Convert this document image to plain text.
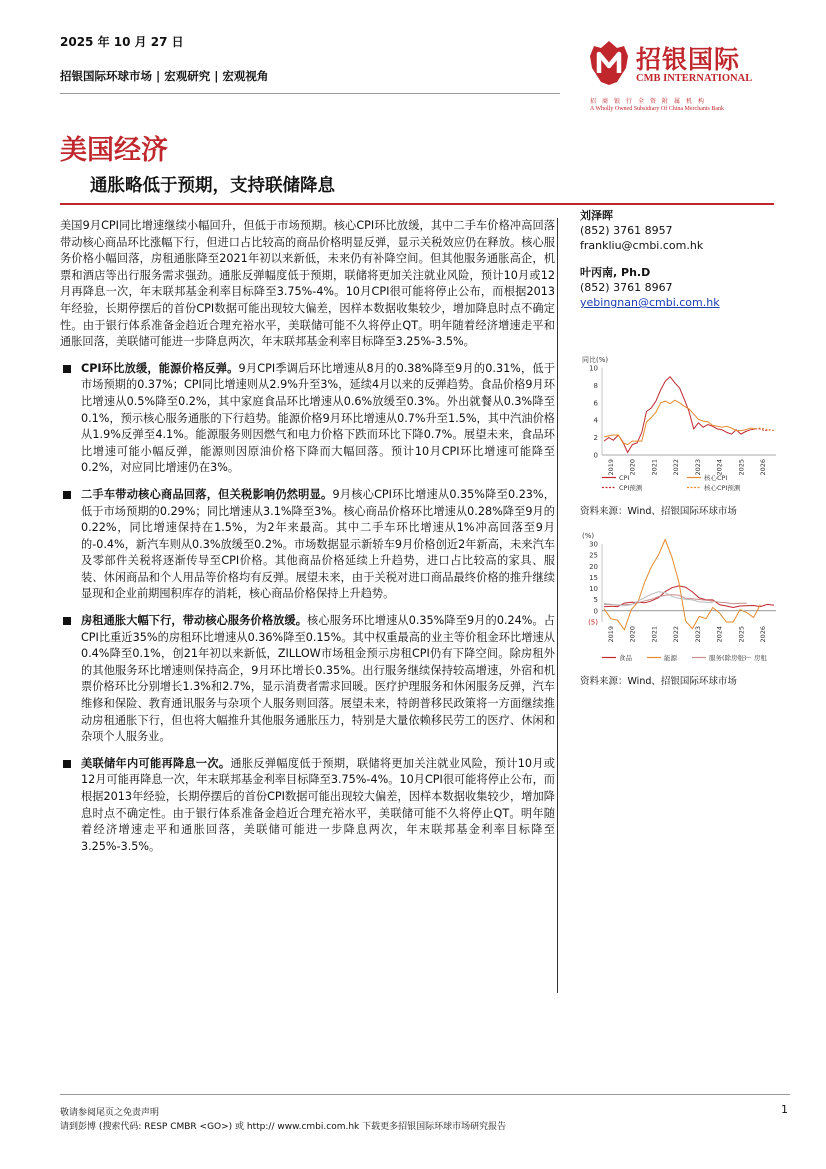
2025 年 10 月 27 日
招银国际环球市场 | 宏观研究 | 宏观视角
招银国际
CMB INTERNATIONAL
招商银行全资附属机构
A Wholly Owned Subsidiary Of China Merchants Bank
美国经济
通胀略低于预期，支持联储降息

美国9月CPI同比增速继续小幅回升，但低于市场预期。核心CPI环比放缓，其中二手车价格冲高回落带动核心商品环比涨幅下行，但进口占比较高的商品价格明显反弹，显示关税效应仍在释放。核心服务价格小幅回落，房租通胀降至2021年初以来新低，未来仍有补降空间。但其他服务通胀高企，机票和酒店等出行服务需求强劲。通胀反弹幅度低于预期，联储将更加关注就业风险，预计10月或12月再降息一次，年末联邦基金利率目标降至3.75%-4%。10月CPI很可能将停止公布，而根据2013年经验，长期停摆后的首份CPI数据可能出现较大偏差，因样本数据收集较少，增加降息时点不确定性。由于银行体系准备金趋近合理充裕水平，美联储可能不久将停止QT。明年随着经济增速走平和通胀回落，美联储可能进一步降息两次，年末联邦基金利率目标降至3.25%-3.5%。

CPI环比放缓，能源价格反弹。9月CPI季调后环比增速从8月的0.38%降至9月的0.31%，低于市场预期的0.37%；CPI同比增速则从2.9%升至3%，延续4月以来的反弹趋势。食品价格9月环比增速从0.5%降至0.2%，其中家庭食品环比增速从0.6%放缓至0.3%。外出就餐从0.3%降至0.1%，预示核心服务通胀的下行趋势。能源价格9月环比增速从0.7%升至1.5%，其中汽油价格从1.9%反弹至4.1%。能源服务则因燃气和电力价格下跌而环比下降0.7%。展望未来，食品环比增速可能小幅反弹，能源则因原油价格下降而大幅回落。预计10月CPI环比增速可能降至0.2%，对应同比增速仍在3%。
二手车带动核心商品回落，但关税影响仍然明显。9月核心CPI环比增速从0.35%降至0.23%，低于市场预期的0.29%；同比增速从3.1%降至3%。核心商品价格环比增速从0.28%降至9月的0.22%，同比增速保持在1.5%，为2年来最高。其中二手车环比增速从1%冲高回落至9月的-0.4%，新汽车则从0.3%放缓至0.2%。市场数据显示新轿车9月价格创近2年新高，未来汽车及零部件关税将逐渐传导至CPI价格。其他商品价格延续上升趋势，进口占比较高的家具、服装、休闲商品和个人用品等价格均有反弹。展望未来，由于关税对进口商品最终价格的推升继续显现和企业前期囤积库存的消耗，核心商品价格保持上升趋势。
房租通胀大幅下行，带动核心服务价格放缓。核心服务环比增速从0.35%降至9月的0.24%。占CPI比重近35%的房租环比增速从0.36%降至0.15%。其中权重最高的业主等价租金环比增速从0.4%降至0.1%，创21年初以来新低，ZILLOW市场租金预示房租CPI仍有下降空间。除房租外的其他服务环比增速则保持高企，9月环比增长0.35%。出行服务继续保持较高增速，外宿和机票价格环比分别增长1.3%和2.7%，显示消费者需求回暖。医疗护理服务和休闲服务反弹，汽车维修和保险、教育通讯服务与杂项个人服务则回落。展望未来，特朗普移民政策将一方面继续推动房租通胀下行，但也将大幅推升其他服务通胀压力，特别是大量依赖移民劳工的医疗、休闲和杂项个人服务业。
美联储年内可能再降息一次。通胀反弹幅度低于预期，联储将更加关注就业风险，预计10月或12月可能再降息一次，年末联邦基金利率目标降至3.75%-4%。10月CPI很可能将停止公布，而根据2013年经验，长期停摆后的首份CPI数据可能出现较大偏差，因样本数据收集较少，增加降息时点不确定性。由于银行体系准备金趋近合理充裕水平，美联储可能不久将停止QT。明年随着经济增速走平和通胀回落，美联储可能进一步降息两次，年末联邦基金利率目标降至3.25%-3.5%。
刘泽晖
(852) 3761 8957
frankliu@cmbi.com.hk
叶丙南, Ph.D
(852) 3761 8967
yebingnan@cmbi.com.hk
同比(%)
0
2
4
6
8
10
2019 2020 2021 2022 2023 2024 2025 2026
CPI	核心CPI
CPI预测	核心CPI预测
资料来源：Wind、招银国际环球市场
(%)
(5)
0
5
10
15
20
25
30
2019 2020 2021 2022 2023 2024 2025 2026
食品	能源	服务(除房租) 房租
资料来源：Wind、招银国际环球市场
敬请参阅尾页之免责声明
请到彭博 (搜索代码: RESP CMBR <GO>) 或 http:// www.cmbi.com.hk 下载更多招银国际环球市场研究报告
1
